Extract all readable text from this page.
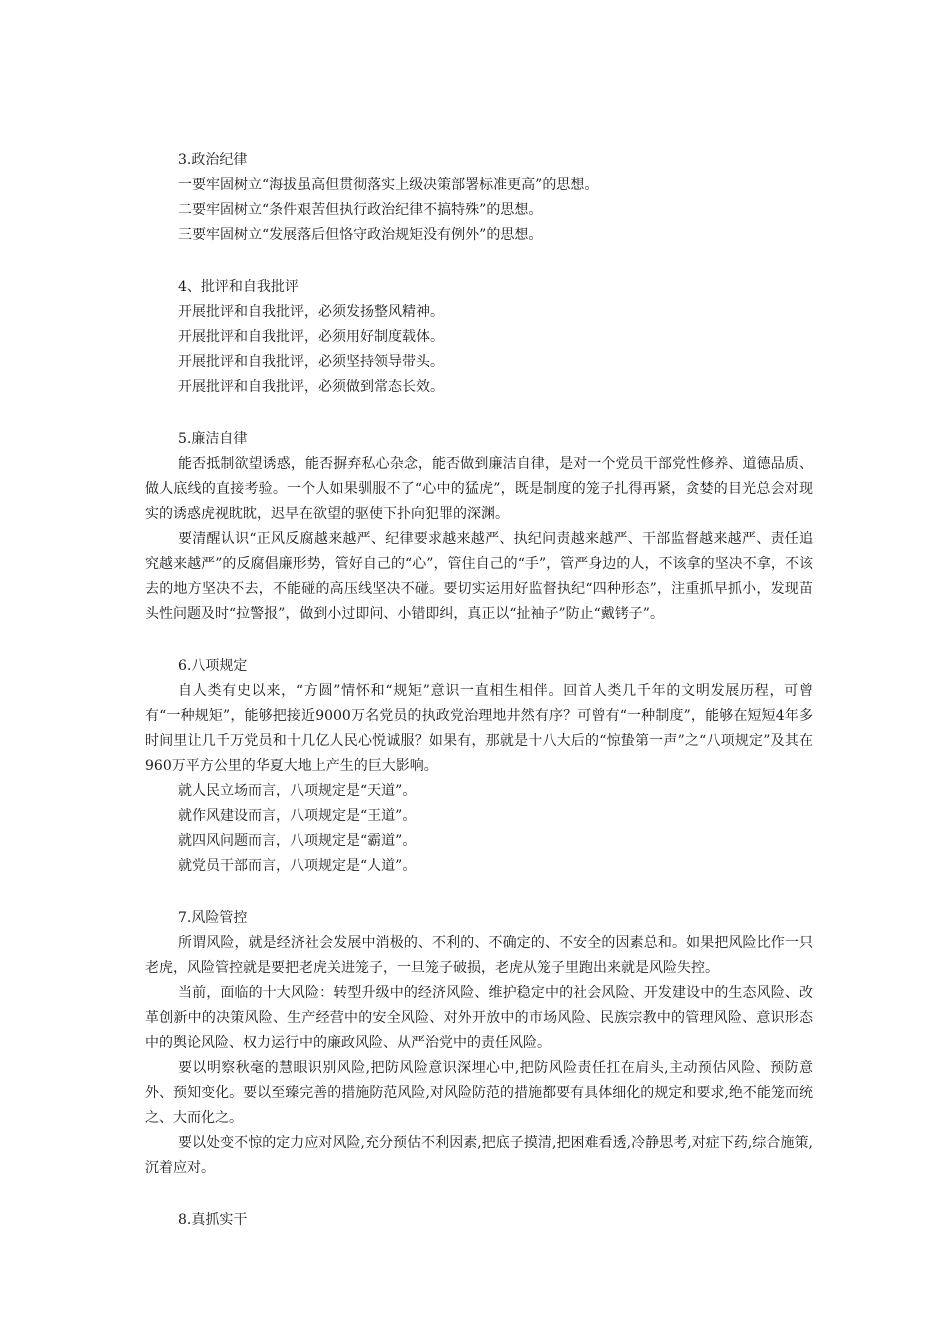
3.政治纪律
一要牢固树立“海拔虽高但贯彻落实上级决策部署标准更高”的思想。
二要牢固树立“条件艰苦但执行政治纪律不搞特殊”的思想。
三要牢固树立“发展落后但恪守政治规矩没有例外”的思想。
4、批评和自我批评
开展批评和自我批评，必须发扬整风精神。
开展批评和自我批评，必须用好制度载体。
开展批评和自我批评，必须坚持领导带头。
开展批评和自我批评，必须做到常态长效。
5.廉洁自律

能否抵制欲望诱惑，能否摒弃私心杂念，能否做到廉洁自律，是对一个党员干部党性修养、道德品质、做人底线的直接考验。一个人如果驯服不了“心中的猛虎”，既是制度的笼子扎得再紧，贪婪的目光总会对现实的诱惑虎视眈眈，迟早在欲望的驱使下扑向犯罪的深渊。

要清醒认识“正风反腐越来越严、纪律要求越来越严、执纪问责越来越严、干部监督越来越严、责任追究越来越严”的反腐倡廉形势，管好自己的“心”，管住自己的“手”，管严身边的人，不该拿的坚决不拿，不该去的地方坚决不去，不能碰的高压线坚决不碰。要切实运用好监督执纪“四种形态”，注重抓早抓小，发现苗头性问题及时“拉警报”，做到小过即问、小错即纠，真正以“扯袖子”防止“戴铐子”。

6.八项规定

自人类有史以来，“方圆”情怀和“规矩”意识一直相生相伴。回首人类几千年的文明发展历程，可曾有“一种规矩”，能够把接近9000万名党员的执政党治理地井然有序？可曾有“一种制度”，能够在短短4年多时间里让几千万党员和十几亿人民心悦诚服？如果有，那就是十八大后的“惊蛰第一声”之“八项规定”及其在960万平方公里的华夏大地上产生的巨大影响。

就人民立场而言，八项规定是“天道”。
就作风建设而言，八项规定是“王道”。
就四风问题而言，八项规定是“霸道”。
就党员干部而言，八项规定是“人道”。
7.风险管控

所谓风险，就是经济社会发展中消极的、不利的、不确定的、不安全的因素总和。如果把风险比作一只老虎，风险管控就是要把老虎关进笼子，一旦笼子破损，老虎从笼子里跑出来就是风险失控。

当前，面临的十大风险：转型升级中的经济风险、维护稳定中的社会风险、开发建设中的生态风险、改革创新中的决策风险、生产经营中的安全风险、对外开放中的市场风险、民族宗教中的管理风险、意识形态中的舆论风险、权力运行中的廉政风险、从严治党中的责任风险。

要以明察秋毫的慧眼识别风险,把防风险意识深埋心中,把防风险责任扛在肩头,主动预估风险、预防意外、预知变化。要以至臻完善的措施防范风险,对风险防范的措施都要有具体细化的规定和要求,绝不能笼而统之、大而化之。

要以处变不惊的定力应对风险,充分预估不利因素,把底子摸清,把困难看透,冷静思考,对症下药,综合施策,沉着应对。

8.真抓实干
